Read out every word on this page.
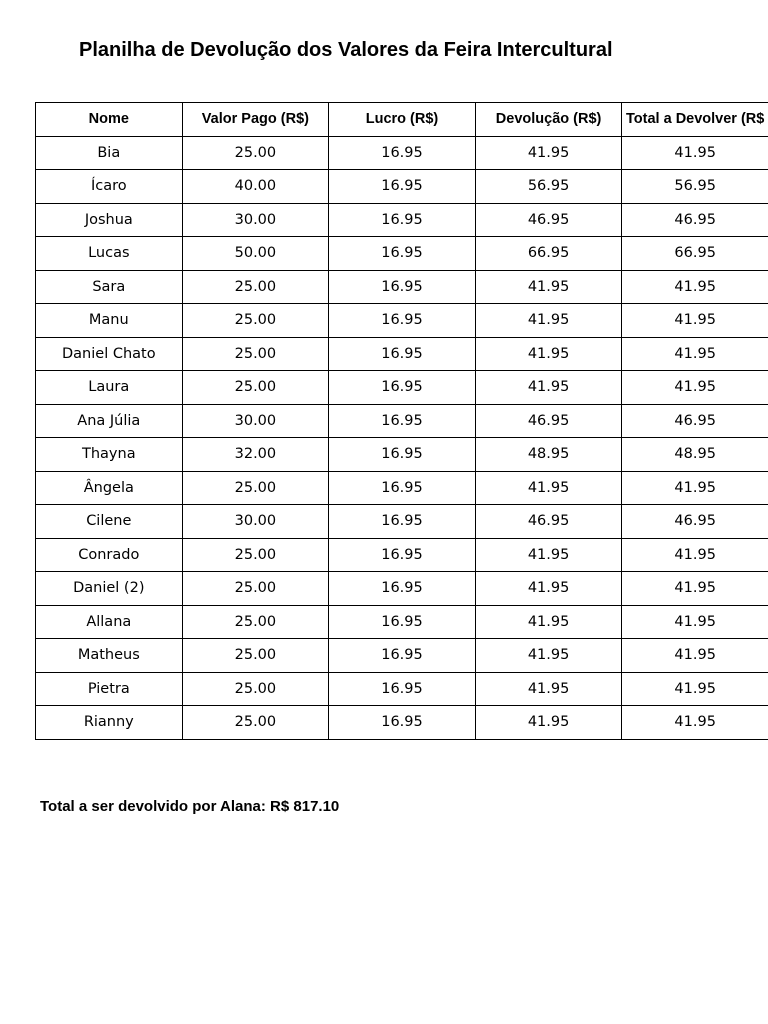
Planilha de Devolução dos Valores da Feira Intercultural
Nome	Valor Pago (R$)	Lucro (R$)	Devolução (R$)	Total a Devolver (R$
Bia	25.00	16.95	41.95	41.95
Ícaro	40.00	16.95	56.95	56.95
Joshua	30.00	16.95	46.95	46.95
Lucas	50.00	16.95	66.95	66.95
Sara	25.00	16.95	41.95	41.95
Manu	25.00	16.95	41.95	41.95
Daniel Chato	25.00	16.95	41.95	41.95
Laura	25.00	16.95	41.95	41.95
Ana Júlia	30.00	16.95	46.95	46.95
Thayna	32.00	16.95	48.95	48.95
Ângela	25.00	16.95	41.95	41.95
Cilene	30.00	16.95	46.95	46.95
Conrado	25.00	16.95	41.95	41.95
Daniel (2)	25.00	16.95	41.95	41.95
Allana	25.00	16.95	41.95	41.95
Matheus	25.00	16.95	41.95	41.95
Pietra	25.00	16.95	41.95	41.95
Rianny	25.00	16.95	41.95	41.95

Total a ser devolvido por Alana: R$ 817.10
